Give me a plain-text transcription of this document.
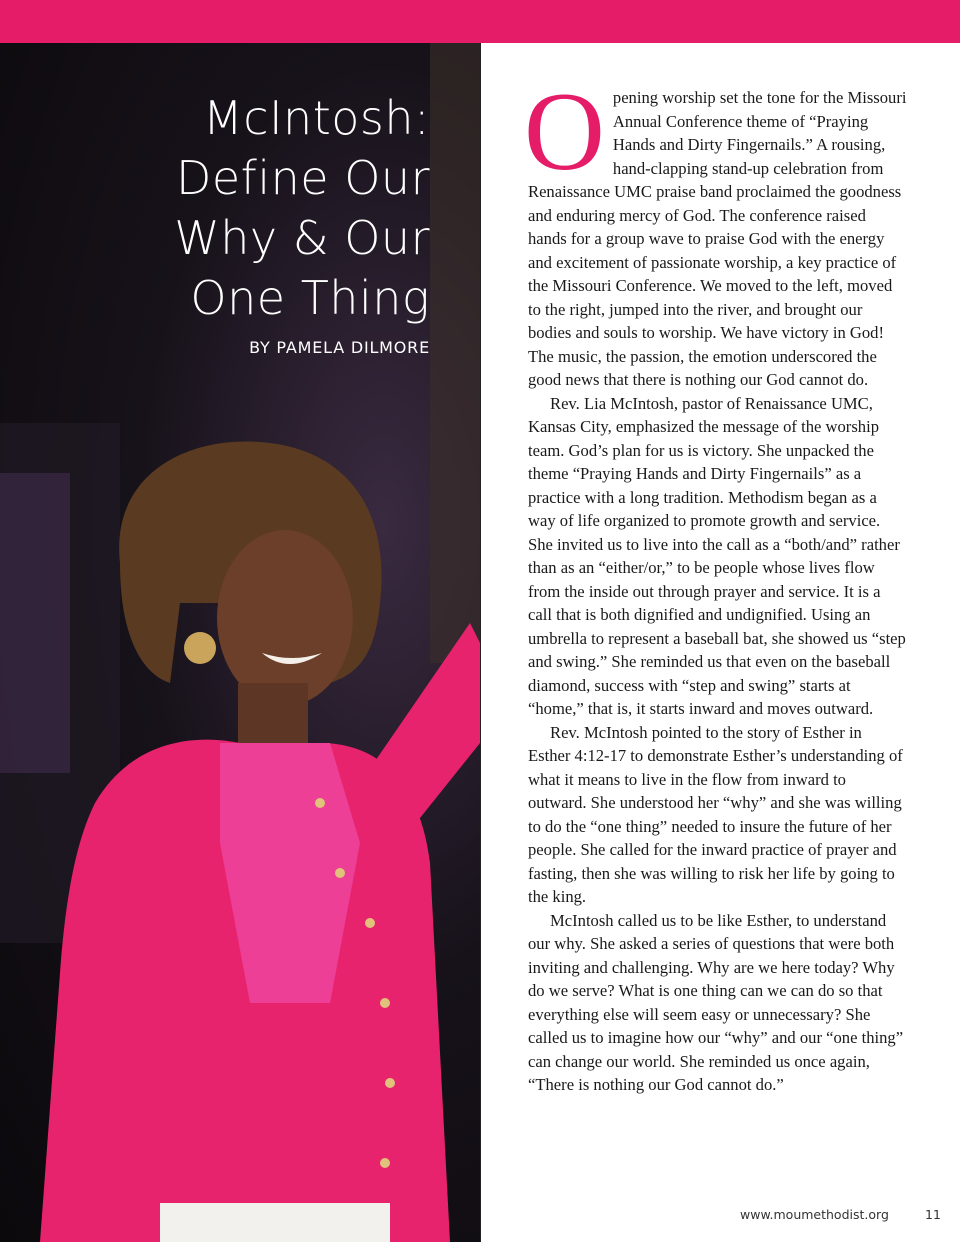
McIntosh:
Define Our
Why & Our
One Thing

BY PAMELA DILMORE

Opening worship set the tone for the Missouri Annual Conference theme of “Praying Hands and Dirty Fingernails.” A rousing, hand-clapping stand-up celebration from Renaissance UMC praise band proclaimed the goodness and enduring mercy of God. The conference raised hands for a group wave to praise God with the energy and excitement of passionate worship, a key practice of the Missouri Conference. We moved to the left, moved to the right, jumped into the river, and brought our bodies and souls to worship. We have victory in God! The music, the passion, the emotion underscored the good news that there is nothing our God cannot do.

Rev. Lia McIntosh, pastor of Renaissance UMC, Kansas City, emphasized the message of the worship team. God’s plan for us is victory. She unpacked the theme “Praying Hands and Dirty Fingernails” as a practice with a long tradition. Methodism began as a way of life organized to promote growth and service. She invited us to live into the call as a “both/and” rather than as an “either/or,” to be people whose lives flow from the inside out through prayer and service. It is a call that is both dignified and undignified. Using an umbrella to represent a baseball bat, she showed us “step and swing.” She reminded us that even on the baseball diamond, success with “step and swing” starts at “home,” that is, it starts inward and moves outward.

Rev. McIntosh pointed to the story of Esther in Esther 4:12-17 to demonstrate Esther’s understanding of what it means to live in the flow from inward to outward. She understood her “why” and she was willing to do the “one thing” needed to insure the future of her people. She called for the inward practice of prayer and fasting, then she was willing to risk her life by going to the king.

McIntosh called us to be like Esther, to understand our why. She asked a series of questions that were both inviting and challenging. Why are we here today? Why do we serve? What is one thing can we can do so that everything else will seem easy or unnecessary? She called us to imagine how our “why” and our “one thing” can change our world. She reminded us once again, “There is nothing our God cannot do.”

www.moumethodist.org	11
